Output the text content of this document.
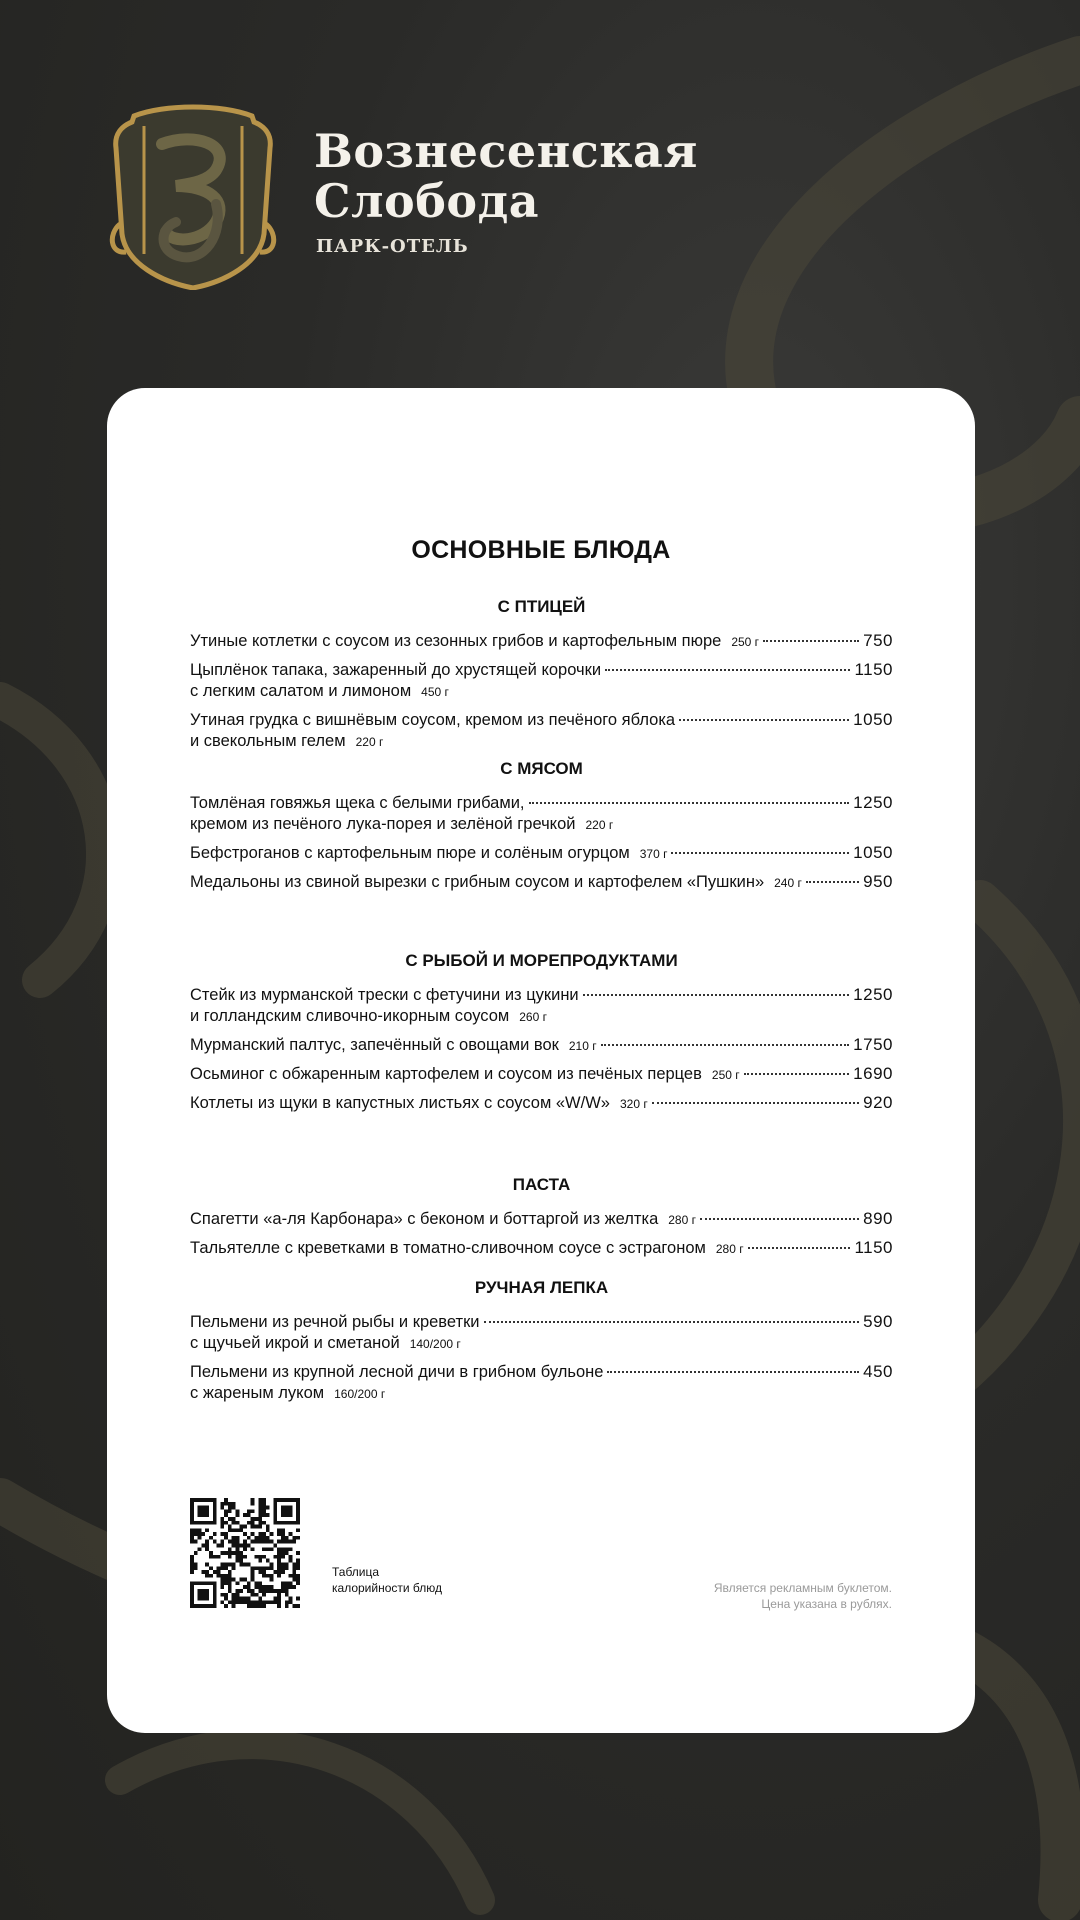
Вознесенская
Слобода
ПАРК-ОТЕЛЬ
ОСНОВНЫЕ БЛЮДА
С ПТИЦЕЙ
Утиные котлетки с соусом из сезонных грибов и картофельным пюре 250 г	750
Цыплёнок тапака, зажаренный до хрустящей корочки	1150
с легким салатом и лимоном 450 г
Утиная грудка с вишнёвым соусом, кремом из печёного яблока	1050
и свекольным гелем 220 г
С МЯСОМ
Томлёная говяжья щека с белыми грибами,	1250
кремом из печёного лука-порея и зелёной гречкой 220 г
Бефстроганов с картофельным пюре и солёным огурцом 370 г	1050
Медальоны из свиной вырезки с грибным соусом и картофелем «Пушкин» 240 г	950
С РЫБОЙ И МОРЕПРОДУКТАМИ
Стейк из мурманской трески с фетучини из цукини	1250
и голландским сливочно-икорным соусом 260 г
Мурманский палтус, запечённый с овощами вок 210 г	1750
Осьминог с обжаренным картофелем и соусом из печёных перцев 250 г	1690
Котлеты из щуки в капустных листьях с соусом «W/W» 320 г	920
ПАСТА
Спагетти «а-ля Карбонара» с беконом и боттаргой из желтка 280 г	890
Тальятелле с креветками в томатно-сливочном соусе с эстрагоном 280 г	1150
РУЧНАЯ ЛЕПКА
Пельмени из речной рыбы и креветки	590
с щучьей икрой и сметаной 140/200 г
Пельмени из крупной лесной дичи в грибном бульоне	450
с жареным луком 160/200 г
Таблица калорийности блюд	Является рекламным буклетом.
Цена указана в рублях.
